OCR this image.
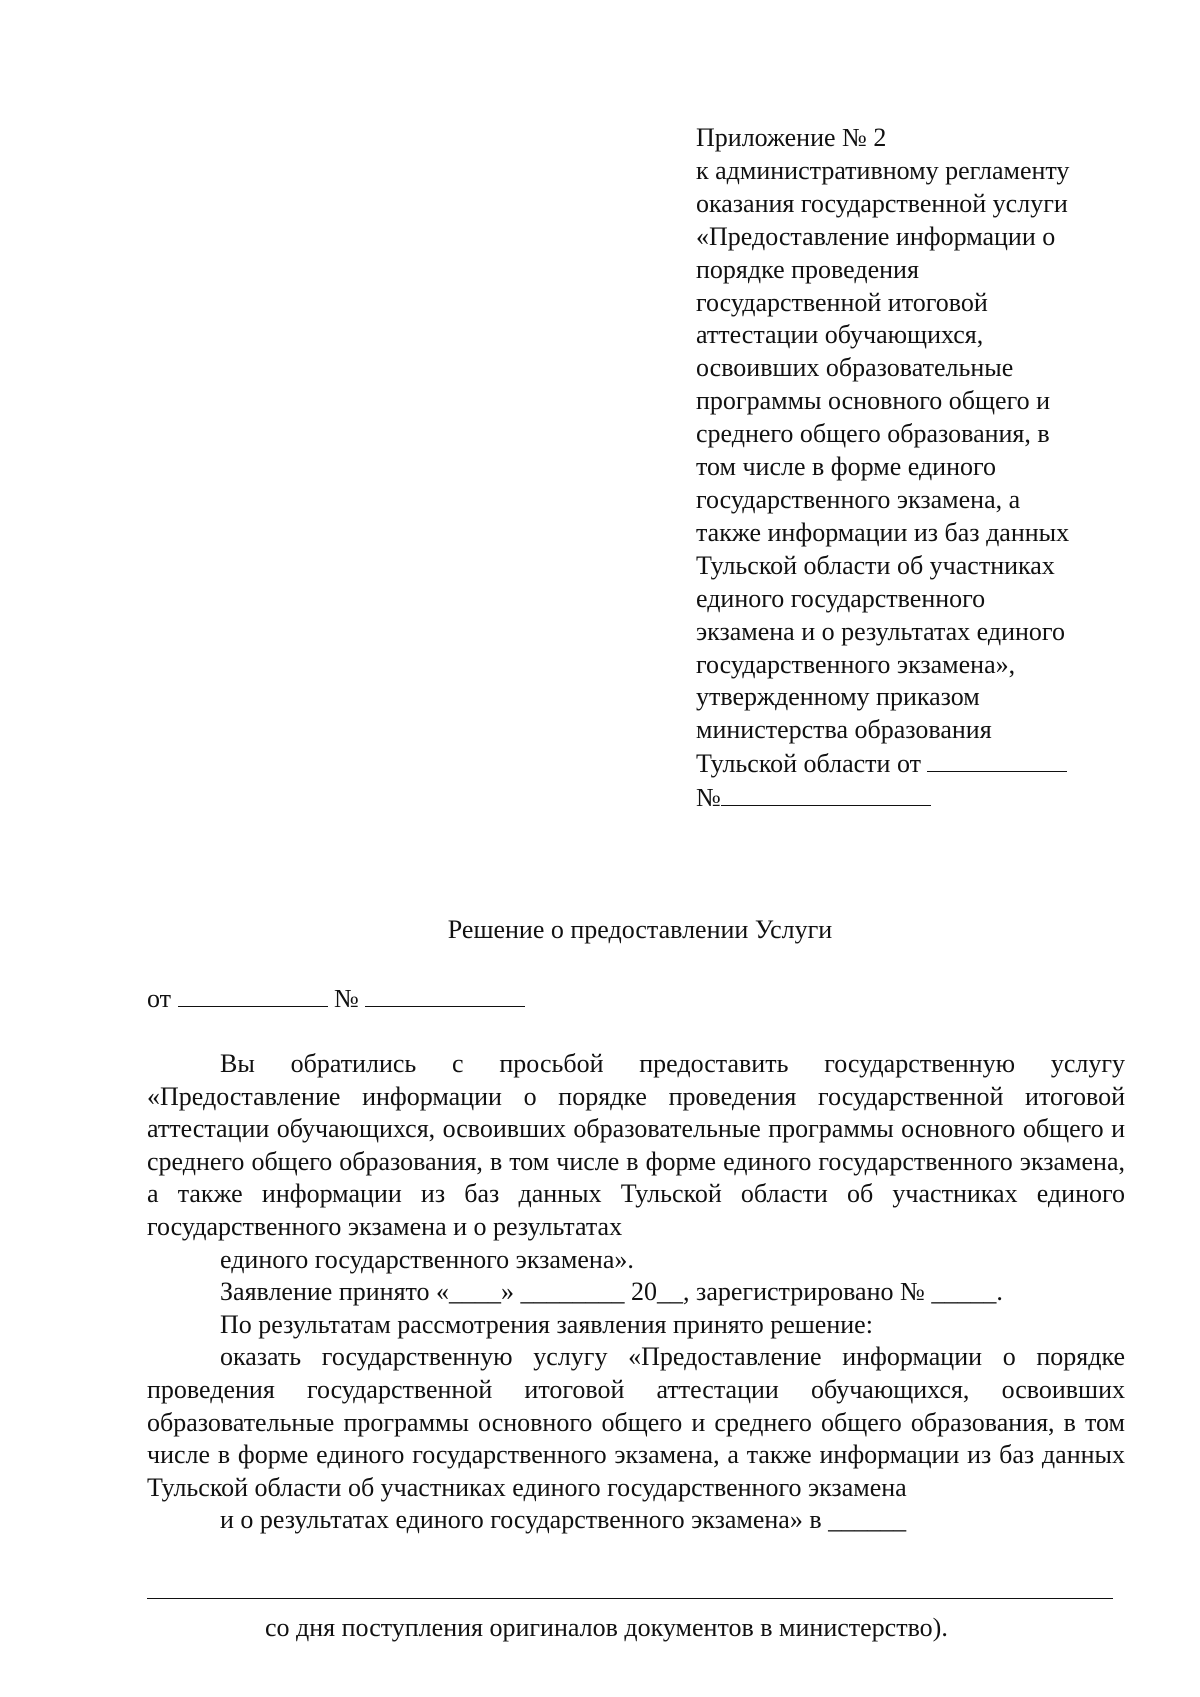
Приложение № 2
к административному регламенту
оказания государственной услуги
«Предоставление информации о
порядке проведения
государственной итоговой
аттестации обучающихся,
освоивших образовательные
программы основного общего и
среднего общего образования, в
том числе в форме единого
государственного экзамена, а
также информации из баз данных
Тульской области об участниках
единого государственного
экзамена и о результатах единого
государственного экзамена»,
утвержденному приказом
министерства образования
Тульской области от
№
Решение о предоставлении Услуги
от	№

Вы обратились с просьбой предоставить государственную услугу «Предоставление информации о порядке проведения государственной итоговой аттестации обучающихся, освоивших образовательные программы основного общего и среднего общего образования, в том числе в форме единого государственного экзамена, а также информации из баз данных Тульской области об участниках единого государственного экзамена и о результатах
единого государственного экзамена».

Заявление принято «____» ________ 20__, зарегистрировано № _____.

По результатам рассмотрения заявления принято решение:

оказать государственную услугу «Предоставление информации о порядке проведения государственной итоговой аттестации обучающихся, освоивших образовательные программы основного общего и среднего общего образования, в том числе в форме единого государственного экзамена, а также информации из баз данных Тульской области об участниках единого государственного экзамена
и о результатах единого государственного экзамена» в ______

со дня поступления оригиналов документов в министерство).
